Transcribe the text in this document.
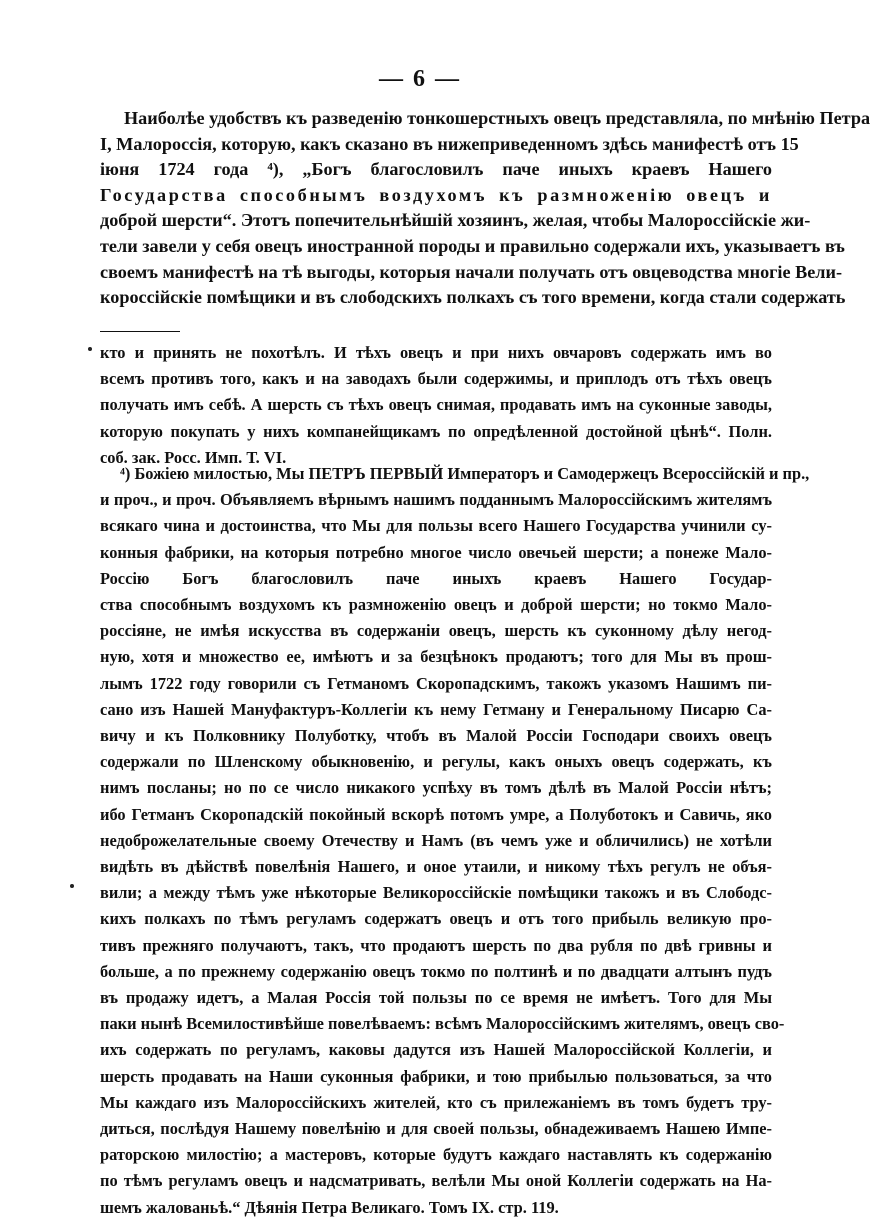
— 6 —
Наиболѣе удобствъ къ разведенію тонкошерстныхъ овецъ представляла, по мнѣнію Петра
I, Малороссія, которую, какъ сказано въ нижеприведенномъ здѣсь манифестѣ отъ 15
іюня 1724 года ⁴), „Богъ благословилъ паче иныхъ краевъ Нашего
Государства способнымъ воздухомъ къ размноженію овецъ и
доброй шерсти“. Этотъ попечительнѣйшій хозяинъ, желая, чтобы Малороссійскіе жи-
тели завели у себя овецъ иностранной породы и правильно содержали ихъ, указываетъ въ
своемъ манифестѣ на тѣ выгоды, которыя начали получать отъ овцеводства многіе Вели-
короссійскіе помѣщики и въ слободскихъ полкахъ съ того времени, когда стали содержать
кто и принять не похотѣлъ. И тѣхъ овецъ и при нихъ овчаровъ содержать имъ во
всемъ противъ того, какъ и на заводахъ были содержимы, и приплодъ отъ тѣхъ овецъ
получать имъ себѣ. А шерсть съ тѣхъ овецъ снимая, продавать имъ на суконные заводы,
которую покупать у нихъ компанейщикамъ по опредѣленной достойной цѣнѣ“. Полн.
соб. зак. Росс. Имп. Т. VI.
⁴) Божіею милостью, Мы ПЕТРЪ ПЕРВЫЙ Императоръ и Самодержецъ Всероссійскій и пр.,
и проч., и проч. Объявляемъ вѣрнымъ нашимъ подданнымъ Малороссійскимъ жителямъ
всякаго чина и достоинства, что Мы для пользы всего Нашего Государства учинили су-
конныя фабрики, на которыя потребно многое число овечьей шерсти; а понеже Мало-
Россію Богъ благословилъ паче иныхъ краевъ Нашего Государ-
ства способнымъ воздухомъ къ размноженію овецъ и доброй шерсти; но токмо Мало-
россіяне, не имѣя искусства въ содержаніи овецъ, шерсть къ суконному дѣлу негод-
ную, хотя и множество ее, имѣютъ и за безцѣнокъ продаютъ; того для Мы въ прош-
лымъ 1722 году говорили съ Гетманомъ Скоропадскимъ, такожъ указомъ Нашимъ пи-
сано изъ Нашей Мануфактуръ-Коллегіи къ нему Гетману и Генеральному Писарю Са-
вичу и къ Полковнику Полуботку, чтобъ въ Малой Россіи Господари своихъ овецъ
содержали по Шленскому обыкновенію, и регулы, какъ оныхъ овецъ содержать, къ
нимъ посланы; но по се число никакого успѣху въ томъ дѣлѣ въ Малой Россіи нѣтъ;
ибо Гетманъ Скоропадскій покойный вскорѣ потомъ умре, а Полуботокъ и Савичь, яко
недоброжелательные своему Отечеству и Намъ (въ чемъ уже и обличились) не хотѣли
видѣть въ дѣйствѣ повелѣнія Нашего, и оное утаили, и никому тѣхъ регулъ не объя-
вили; а между тѣмъ уже нѣкоторые Великороссійскіе помѣщики такожъ и въ Слободс-
кихъ полкахъ по тѣмъ регуламъ содержатъ овецъ и отъ того прибыль великую про-
тивъ прежняго получаютъ, такъ, что продаютъ шерсть по два рубля по двѣ гривны и
больше, а по прежнему содержанію овецъ токмо по полтинѣ и по двадцати алтынъ пудъ
въ продажу идетъ, а Малая Россія той пользы по се время не имѣетъ. Того для Мы
паки нынѣ Всемилостивѣйше повелѣваемъ: всѣмъ Малороссійскимъ жителямъ, овецъ сво-
ихъ содержать по регуламъ, каковы дадутся изъ Нашей Малороссійской Коллегіи, и
шерсть продавать на Наши суконныя фабрики, и тою прибылью пользоваться, за что
Мы каждаго изъ Малороссійскихъ жителей, кто съ прилежаніемъ въ томъ будетъ тру-
диться, послѣдуя Нашему повелѣнію и для своей пользы, обнадеживаемъ Нашею Импе-
раторскою милостію; а мастеровъ, которые будутъ каждаго наставлять къ содержанію
по тѣмъ регуламъ овецъ и надсматривать, велѣли Мы оной Коллегіи содержать на На-
шемъ жалованьѣ.“ Дѣянія Петра Великаго. Томъ IX. стр. 119.
